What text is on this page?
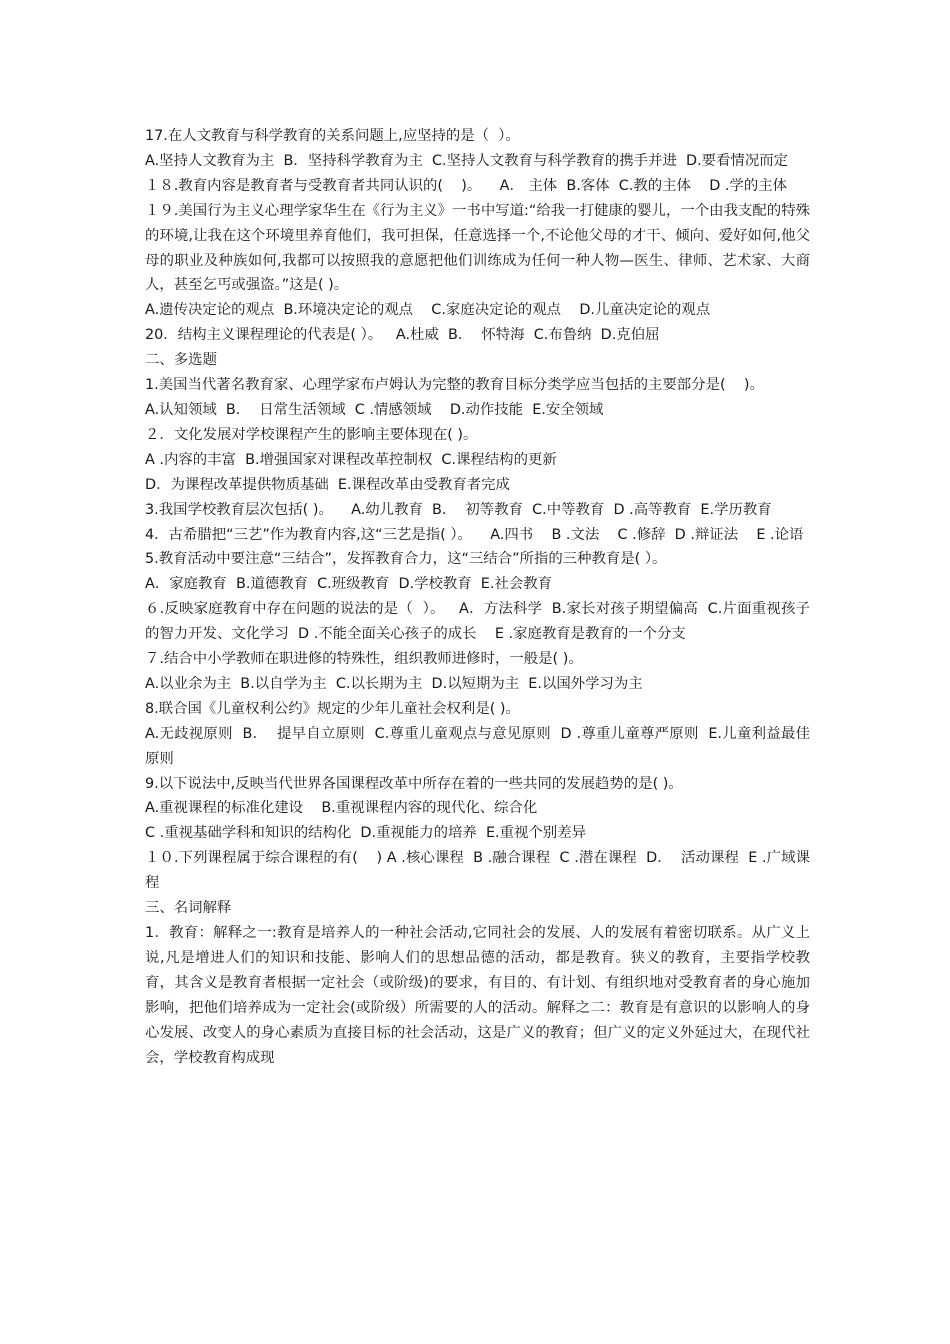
17.在人文教育与科学教育的关系问题上,应坚持的是（  ）。

A.坚持人文教育为主  B．坚持科学教育为主  C.坚持人文教育与科学教育的携手并进  D.要看情况而定

１８.教育内容是教育者与受教育者共同认识的(    )。    A． 主体  B.客体  C.教的主体    D .学的主体

１９.美国行为主义心理学家华生在《行为主义》一书中写道:“给我一打健康的婴儿，一个由我支配的特殊的环境,让我在这个环境里养育他们，我可担保，任意选择一个,不论他父母的才干、倾向、爱好如何,他父母的职业及种族如何,我都可以按照我的意愿把他们训练成为任何一种人物—医生、律师、艺术家、大商人，甚至乞丐或强盗。”这是( )。

A.遗传决定论的观点  B.环境决定论的观点    C.家庭决定论的观点    D.儿童决定论的观点

20．结构主义课程理论的代表是( ）。   A.杜威  B．  怀特海  C.布鲁纳  D.克伯屈

二、多选题

1.美国当代著名教育家、心理学家布卢姆认为完整的教育目标分类学应当包括的主要部分是(    )。

A.认知领域  B．  日常生活领域  C .情感领域    D.动作技能  E.安全领域

２．文化发展对学校课程产生的影响主要体现在( )。

A .内容的丰富  B.增强国家对课程改革控制权  C.课程结构的更新

D．为课程改革提供物质基础  E.课程改革由受教育者完成

3.我国学校教育层次包括( )。    A.幼儿教育  B．  初等教育  C.中等教育  D .高等教育  E.学历教育

4．古希腊把“三艺”作为教育内容,这“三艺是指( ）。    A.四书    B .文法    C .修辞  D .辩证法    E .论语

5.教育活动中要注意“三结合”，发挥教育合力，这“三结合”所指的三种教育是( ）。

A．家庭教育  B.道德教育  C.班级教育  D.学校教育  E.社会教育

６.反映家庭教育中存在问题的说法的是（  ）。   A．方法科学  B.家长对孩子期望偏高  C.片面重视孩子的智力开发、文化学习  D .不能全面关心孩子的成长    E .家庭教育是教育的一个分支

７.结合中小学教师在职进修的特殊性，组织教师进修时，一般是( )。

A.以业余为主  B.以自学为主  C.以长期为主  D.以短期为主  E.以国外学习为主

8.联合国《儿童权利公约》规定的少年儿童社会权利是( )。

A.无歧视原则  B．  提早自立原则  C.尊重儿童观点与意见原则  D .尊重儿童尊严原则  E.儿童利益最佳原则

9.以下说法中,反映当代世界各国课程改革中所存在着的一些共同的发展趋势的是( )。

A.重视课程的标准化建设    B.重视课程内容的现代化、综合化

C .重视基础学科和知识的结构化  D.重视能力的培养  E.重视个别差异

１０.下列课程属于综合课程的有(    ) A .核心课程  B .融合课程  C .潜在课程  D．  活动课程  E .广域课程

三、名词解释

1．教育：解释之一:教育是培养人的一种社会活动,它同社会的发展、人的发展有着密切联系。从广义上说,凡是增进人们的知识和技能、影响人们的思想品德的活动，都是教育。狭义的教育，主要指学校教育，其含义是教育者根据一定社会（或阶级)的要求，有目的、有计划、有组织地对受教育者的身心施加影响，把他们培养成为一定社会(或阶级）所需要的人的活动。解释之二：教育是有意识的以影响人的身心发展、改变人的身心素质为直接目标的社会活动，这是广义的教育；但广义的定义外延过大，在现代社会，学校教育构成现
